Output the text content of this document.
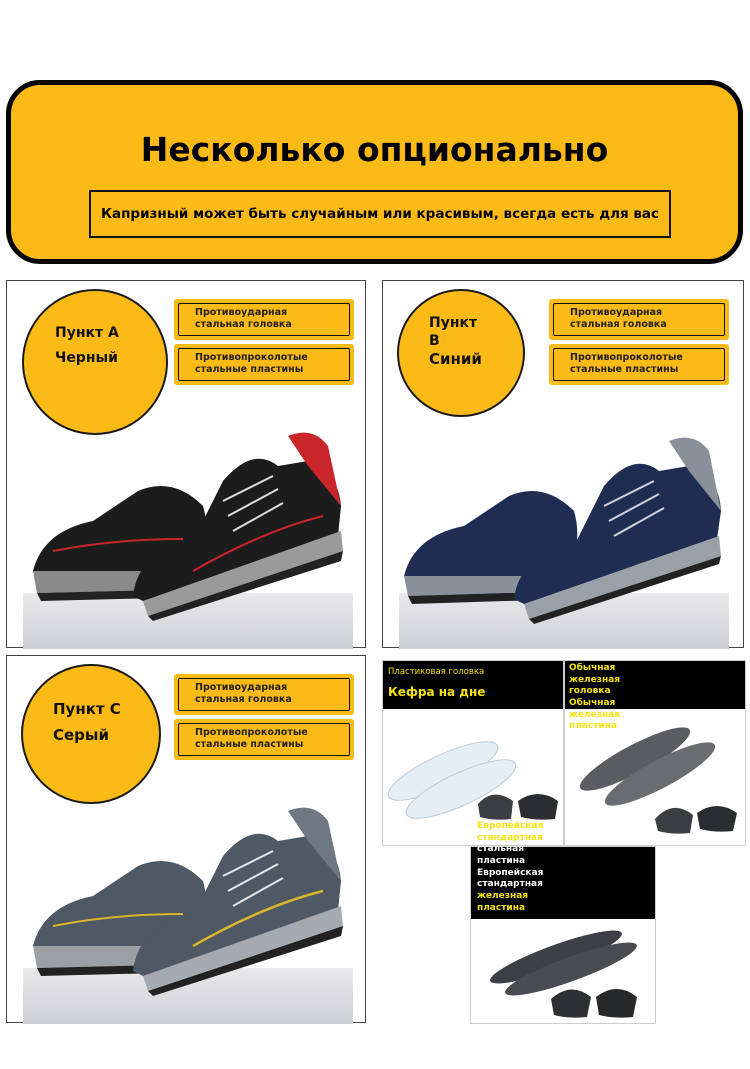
Несколько опционально
Капризный может быть случайным или красивым, всегда есть для вас
Пункт A
Черный
Противоударная
стальная головка
Противопроколотые
стальные пластины
Пункт
B
Синий
Противоударная
стальная головка
Противопроколотые
стальные пластины
Пункт C
Серый
Противоударная
стальная головка
Противопроколотые
стальные пластины
Пластиковая головка
Кефра на дне
Обычная
железная
головка
Обычная
железная
пластина
Европейская
стандартная
стальная
пластина
Европейская
стандартная
железная
пластина
